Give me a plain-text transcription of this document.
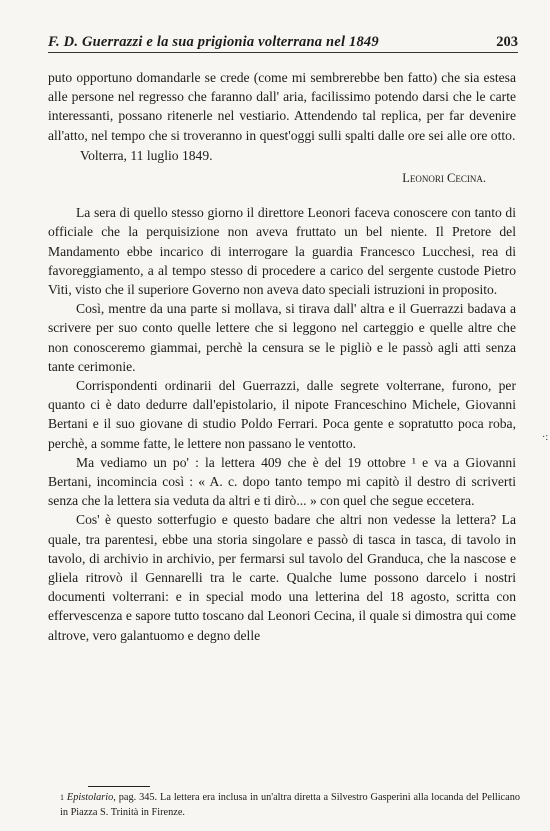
F. D. Guerrazzi e la sua prigionia volterrana nel 1849	203

puto opportuno domandarle se crede (come mi sembrerebbe ben fatto) che sia estesa alle persone nel regresso che faranno dall' aria, facilissimo potendo darsi che le carte interessanti, possano ritenerle nel vestiario. Attendendo tal replica, per far devenire all'atto, nel tempo che si troveranno in quest'oggi sulli spalti dalle ore sei alle ore otto.

Volterra, 11 luglio 1849.

Leonori Cecina.

La sera di quello stesso giorno il direttore Leonori faceva conoscere con tanto di officiale che la perquisizione non aveva fruttato un bel niente. Il Pretore del Mandamento ebbe incarico di interrogare la guardia Francesco Lucchesi, rea di favoreggiamento, a al tempo stesso di procedere a carico del sergente custode Pietro Viti, visto che il superiore Governo non aveva dato speciali istruzioni in proposito.

Così, mentre da una parte si mollava, si tirava dall' altra e il Guerrazzi badava a scrivere per suo conto quelle lettere che si leggono nel carteggio e quelle altre che non conosceremo giammai, perchè la censura se le pigliò e le passò agli atti senza tante cerimonie.

Corrispondenti ordinarii del Guerrazzi, dalle segrete volterrane, furono, per quanto ci è dato dedurre dall'epistolario, il nipote Franceschino Michele, Giovanni Bertani e il suo giovane di studio Poldo Ferrari. Poca gente e sopratutto poca roba, perchè, a somme fatte, le lettere non passano le ventotto.

Ma vediamo un po' : la lettera 409 che è del 19 ottobre ¹ e va a Giovanni Bertani, incominciа così : « A. c. dopo tanto tempo mi capitò il destro di scriverti senza che la lettera sia veduta da altri e ti dirò... » con quel che segue eccetera.

Cos' è questo sotterfugio e questo badare che altri non vedesse la lettera? La quale, tra parentesi, ebbe una storia singolare e passò di tasca in tasca, di tavolo in tavolo, di archivio in archivio, per fermarsi sul tavolo del Granduca, che la nascose e gliela ritrovò il Gennarelli tra le carte. Qualche lume possono darcelo i nostri documenti volterrani: e in special modo una letterina del 18 agosto, scritta con effervescenza e sapore tutto toscano dal Leonori Cecina, il quale si dimostra qui come altrove, vero galantuomo e degno delle

·:
$^1$ Epistolario, pag. 345. La lettera era inclusa in un'altra diretta a Silvestro Gasperini alla locanda del Pellicano in Piazza S. Trinità in Firenze.
